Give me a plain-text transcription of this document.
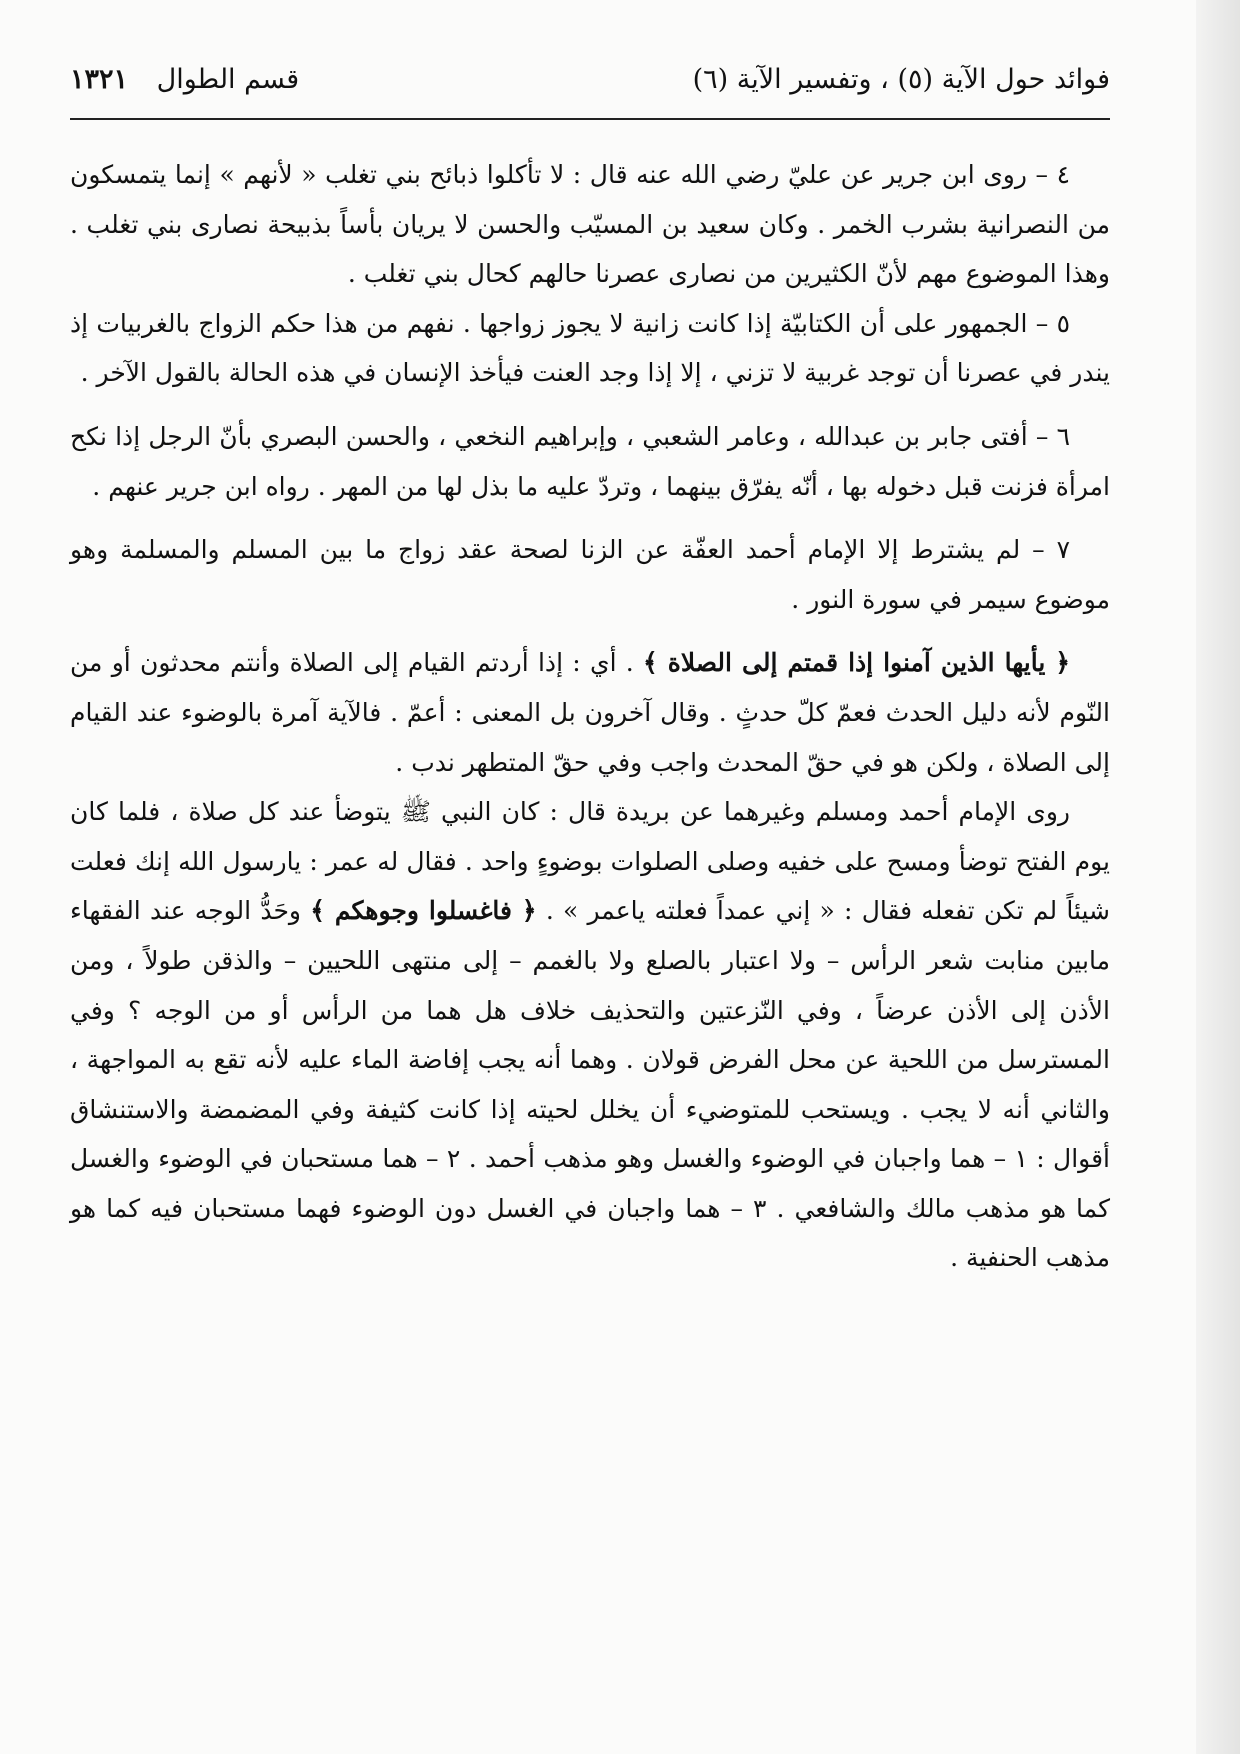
فوائد حول الآية (٥) ، وتفسير الآية (٦)
قسم الطوال ١٣٢١

٤ – روى ابن جرير عن عليّ رضي الله عنه قال : لا تأكلوا ذبائح بني تغلب « لأنهم » إنما يتمسكون من النصرانية بشرب الخمر . وكان سعيد بن المسيّب والحسن لا يريان بأساً بذبيحة نصارى بني تغلب . وهذا الموضوع مهم لأنّ الكثيرين من نصارى عصرنا حالهم كحال بني تغلب .

٥ – الجمهور على أن الكتابيّة إذا كانت زانية لا يجوز زواجها . نفهم من هذا حكم الزواج بالغربيات إذ يندر في عصرنا أن توجد غربية لا تزني ، إلا إذا وجد العنت فيأخذ الإنسان في هذه الحالة بالقول الآخر .

٦ – أفتى جابر بن عبدالله ، وعامر الشعبي ، وإبراهيم النخعي ، والحسن البصري بأنّ الرجل إذا نكح امرأة فزنت قبل دخوله بها ، أنّه يفرّق بينهما ، وتردّ عليه ما بذل لها من المهر . رواه ابن جرير عنهم .

٧ – لم يشترط إلا الإمام أحمد العفّة عن الزنا لصحة عقد زواج ما بين المسلم والمسلمة وهو موضوع سيمر في سورة النور .

﴿ يأيها الذين آمنوا إذا قمتم إلى الصلاة ﴾ . أي : إذا أردتم القيام إلى الصلاة وأنتم محدثون أو من النّوم لأنه دليل الحدث فعمّ كلّ حدثٍ . وقال آخرون بل المعنى : أعمّ . فالآية آمرة بالوضوء عند القيام إلى الصلاة ، ولكن هو في حقّ المحدث واجب وفي حقّ المتطهر ندب .

روى الإمام أحمد ومسلم وغيرهما عن بريدة قال : كان النبي ﷺ يتوضأ عند كل صلاة ، فلما كان يوم الفتح توضأ ومسح على خفيه وصلى الصلوات بوضوءٍ واحد . فقال له عمر : يارسول الله إنك فعلت شيئاً لم تكن تفعله فقال : « إني عمداً فعلته ياعمر » . ﴿ فاغسلوا وجوهكم ﴾ وحَدُّ الوجه عند الفقهاء مابين منابت شعر الرأس – ولا اعتبار بالصلع ولا بالغمم – إلى منتهى اللحيين – والذقن طولاً ، ومن الأذن إلى الأذن عرضاً ، وفي النّزعتين والتحذيف خلاف هل هما من الرأس أو من الوجه ؟ وفي المسترسل من اللحية عن محل الفرض قولان . وهما أنه يجب إفاضة الماء عليه لأنه تقع به المواجهة ، والثاني أنه لا يجب . ويستحب للمتوضيء أن يخلل لحيته إذا كانت كثيفة وفي المضمضة والاستنشاق أقوال : ١ – هما واجبان في الوضوء والغسل وهو مذهب أحمد . ٢ – هما مستحبان في الوضوء والغسل كما هو مذهب مالك والشافعي . ٣ – هما واجبان في الغسل دون الوضوء فهما مستحبان فيه كما هو مذهب الحنفية .
